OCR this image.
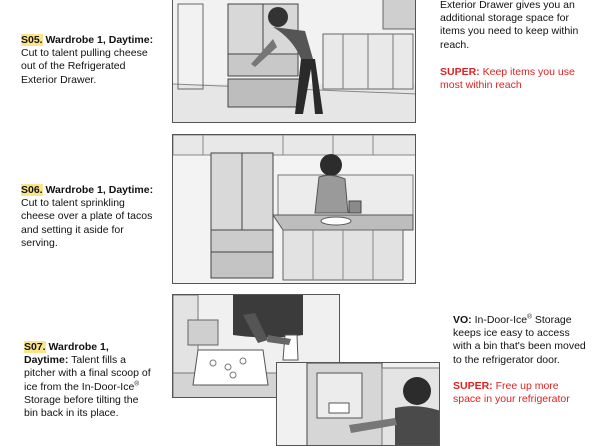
S05. Wardrobe 1, Daytime: Cut to talent pulling cheese out of the Refrigerated Exterior Drawer.
S06. Wardrobe 1, Daytime: Cut to talent sprinkling cheese over a plate of tacos and setting it aside for serving.
S07. Wardrobe 1, Daytime: Talent fills a pitcher with a final scoop of ice from the In-Door-Ice® Storage before tilting the bin back in its place.
Exterior Drawer gives you an additional storage space for items you need to keep within reach.
SUPER: Keep items you use most within reach
VO: In-Door-Ice® Storage keeps ice easy to access with a bin that's been moved to the refrigerator door.
SUPER: Free up more space in your refrigerator
